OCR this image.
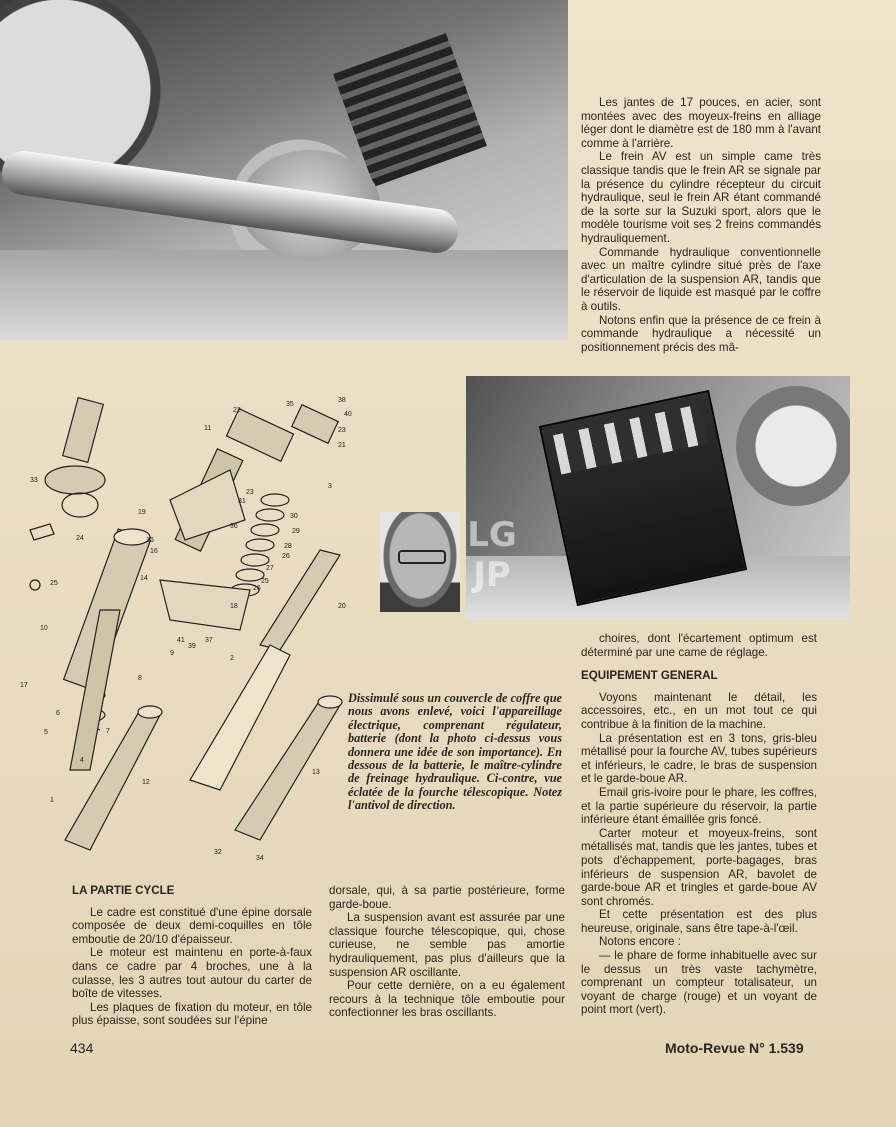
Les jantes de 17 pouces, en acier, sont montées avec des moyeux-freins en alliage léger dont le diamètre est de 180 mm à l'avant comme à l'arrière.

Le frein AV est un simple came très classique tandis que le frein AR se signale par la présence du cylindre récepteur du circuit hydraulique, seul le frein AR étant commandé de la sorte sur la Suzuki sport, alors que le modèle tourisme voit ses 2 freins commandés hydrauliquement.

Commande hydraulique conventionnelle avec un maître cylindre situé près de l'axe d'articulation de la suspension AR, tandis que le réservoir de liquide est masqué par le coffre à outils.

Notons enfin que la présence de ce frein à commande hydraulique a nécessité un positionnement précis des mâ-

LG
JP
22
35
38
40
11	23
21
33
3
23
31
30
29
28
26
27
25
26
19
36
15
16
24
14
25
20
18
10
41	37
39
9
2
17
8
1
6
5	7
4
12
13
32
34
Dissimulé sous un couvercle de coffre que nous avons enlevé, voici l'appareillage électrique, comprenant régulateur, batterie (dont la photo ci-dessus vous donnera une idée de son importance). En dessous de la batterie, le maître-cylindre de freinage hydraulique. Ci-contre, vue éclatée de la fourche télescopique. Notez l'antivol de direction.

choires, dont l'écartement optimum est déterminé par une came de réglage.

EQUIPEMENT GENERAL

Voyons maintenant le détail, les accessoires, etc., en un mot tout ce qui contribue à la finition de la machine.

La présentation est en 3 tons, gris-bleu métallisé pour la fourche AV, tubes supérieurs et inférieurs, le cadre, le bras de suspension et le garde-boue AR.

Email gris-ivoire pour le phare, les coffres, et la partie supérieure du réservoir, la partie inférieure étant émaillée gris foncé.

Carter moteur et moyeux-freins, sont métallisés mat, tandis que les jantes, tubes et pots d'échappement, porte-bagages, bras inférieurs de suspension AR, bavolet de garde-boue AR et tringles et garde-boue AV sont chromés.

Et cette présentation est des plus heureuse, originale, sans être tape-à-l'œil.

Notons encore :

— le phare de forme inhabituelle avec sur le dessus un très vaste tachymètre, comprenant un compteur totalisateur, un voyant de charge (rouge) et un voyant de point mort (vert).

LA PARTIE CYCLE

Le cadre est constitué d'une épine dorsale composée de deux demi-coquilles en tôle emboutie de 20/10 d'épaisseur.

Le moteur est maintenu en porte-à-faux dans ce cadre par 4 broches, une à la culasse, les 3 autres tout autour du carter de boîte de vitesses.

Les plaques de fixation du moteur, en tôle plus épaisse, sont soudées sur l'épine

dorsale, qui, à sa partie postérieure, forme garde-boue.

La suspension avant est assurée par une classique fourche télescopique, qui, chose curieuse, ne semble pas amortie hydrauliquement, pas plus d'ailleurs que la suspension AR oscillante.

Pour cette dernière, on a eu également recours à la technique tôle emboutie pour confectionner les bras oscillants.

434	Moto-Revue N° 1.539
